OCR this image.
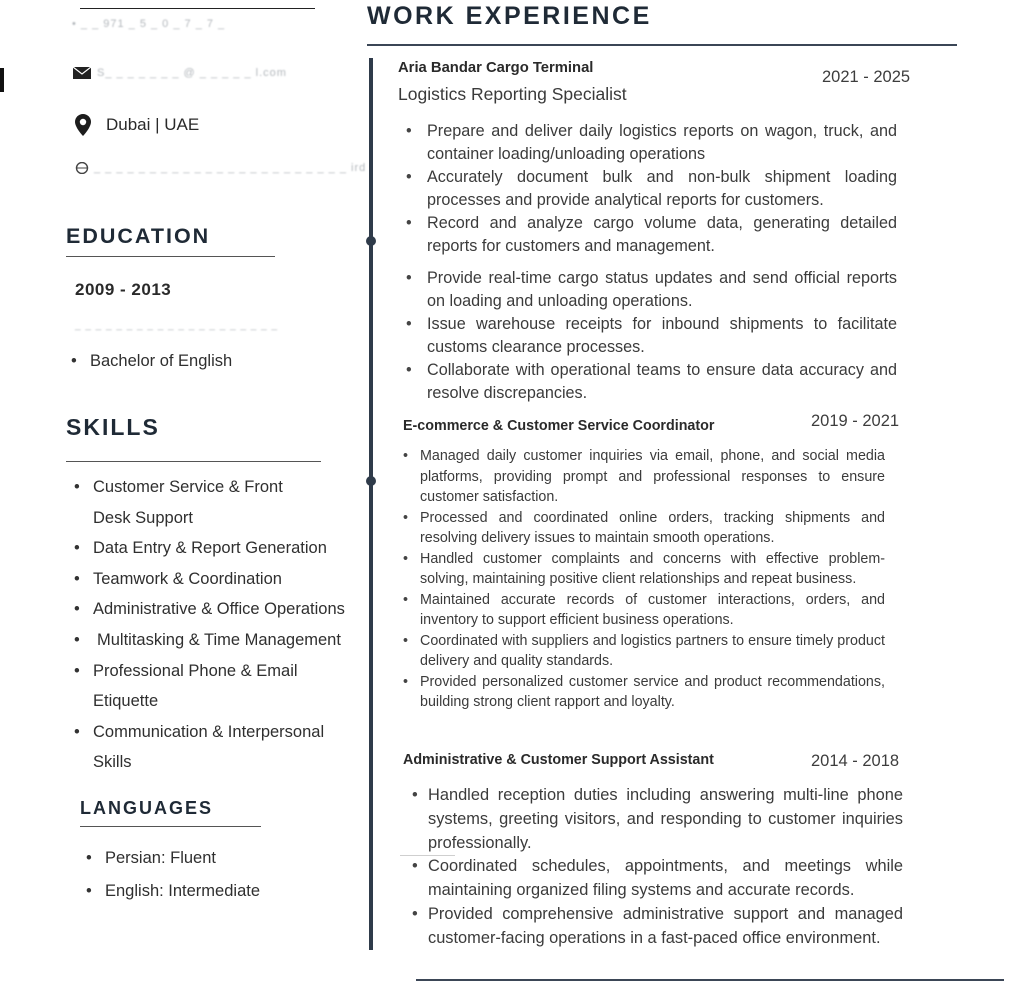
• _ _ 971 _ 5 _ 0 _ 7 _ 7 _
S_ _ _ _ _ _ _ @ _ _ _ _ _ l.com
Dubai | UAE
_ _ _ _ _ _ _ _ _ _ _ _ _ _ _ _ _ _ _ _ _ _ _ ird
EDUCATION
2009 - 2013
_ _ _ _ _ _ _ _ _ _ _ _ _ _ _ _ _ _ _ _
• Bachelor of English
SKILLS
• Customer Service & Front Desk Support
• Data Entry & Report Generation
• Teamwork & Coordination
• Administrative & Office Operations
• Multitasking & Time Management
• Professional Phone & Email Etiquette
• Communication & Interpersonal Skills
LANGUAGES
• Persian: Fluent
• English: Intermediate
WORK EXPERIENCE
Aria Bandar Cargo Terminal	2021 - 2025
Logistics Reporting Specialist
• Prepare and deliver daily logistics reports on wagon, truck, and container loading/unloading operations
• Accurately document bulk and non-bulk shipment loading processes and provide analytical reports for customers.
• Record and analyze cargo volume data, generating detailed reports for customers and management.
• Provide real-time cargo status updates and send official reports on loading and unloading operations.
• Issue warehouse receipts for inbound shipments to facilitate customs clearance processes.
• Collaborate with operational teams to ensure data accuracy and resolve discrepancies.
E-commerce & Customer Service Coordinator	2019 - 2021
• Managed daily customer inquiries via email, phone, and social media platforms, providing prompt and professional responses to ensure customer satisfaction.
• Processed and coordinated online orders, tracking shipments and resolving delivery issues to maintain smooth operations.
• Handled customer complaints and concerns with effective problem-solving, maintaining positive client relationships and repeat business.
• Maintained accurate records of customer interactions, orders, and inventory to support efficient business operations.
• Coordinated with suppliers and logistics partners to ensure timely product delivery and quality standards.
• Provided personalized customer service and product recommendations, building strong client rapport and loyalty.
Administrative & Customer Support Assistant	2014 - 2018
• Handled reception duties including answering multi-line phone systems, greeting visitors, and responding to customer inquiries professionally.
• Coordinated schedules, appointments, and meetings while maintaining organized filing systems and accurate records.
• Provided comprehensive administrative support and managed customer-facing operations in a fast-paced office environment.
